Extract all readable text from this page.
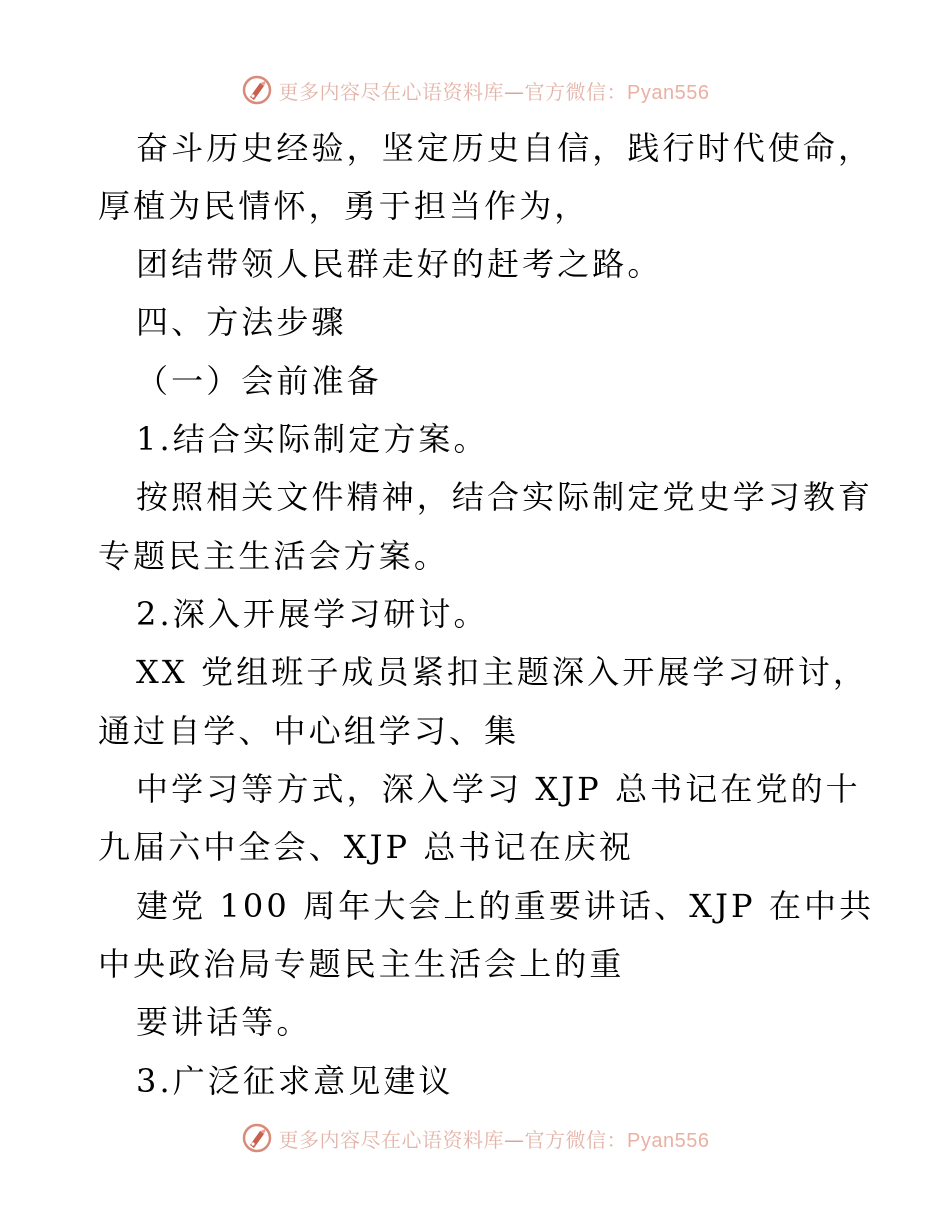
更多内容尽在心语资料库—官方微信：Pyan556
奋斗历史经验，坚定历史自信，践行时代使命，
厚植为民情怀，勇于担当作为，
团结带领人民群走好的赶考之路。
四、方法步骤
（一）会前准备
1.结合实际制定方案。
按照相关文件精神，结合实际制定党史学习教育
专题民主生活会方案。
2.深入开展学习研讨。
XX 党组班子成员紧扣主题深入开展学习研讨，
通过自学、中心组学习、集
中学习等方式，深入学习 XJP 总书记在党的十
九届六中全会、XJP 总书记在庆祝
建党 100 周年大会上的重要讲话、XJP 在中共
中央政治局专题民主生活会上的重
要讲话等。
3.广泛征求意见建议
更多内容尽在心语资料库—官方微信：Pyan556
